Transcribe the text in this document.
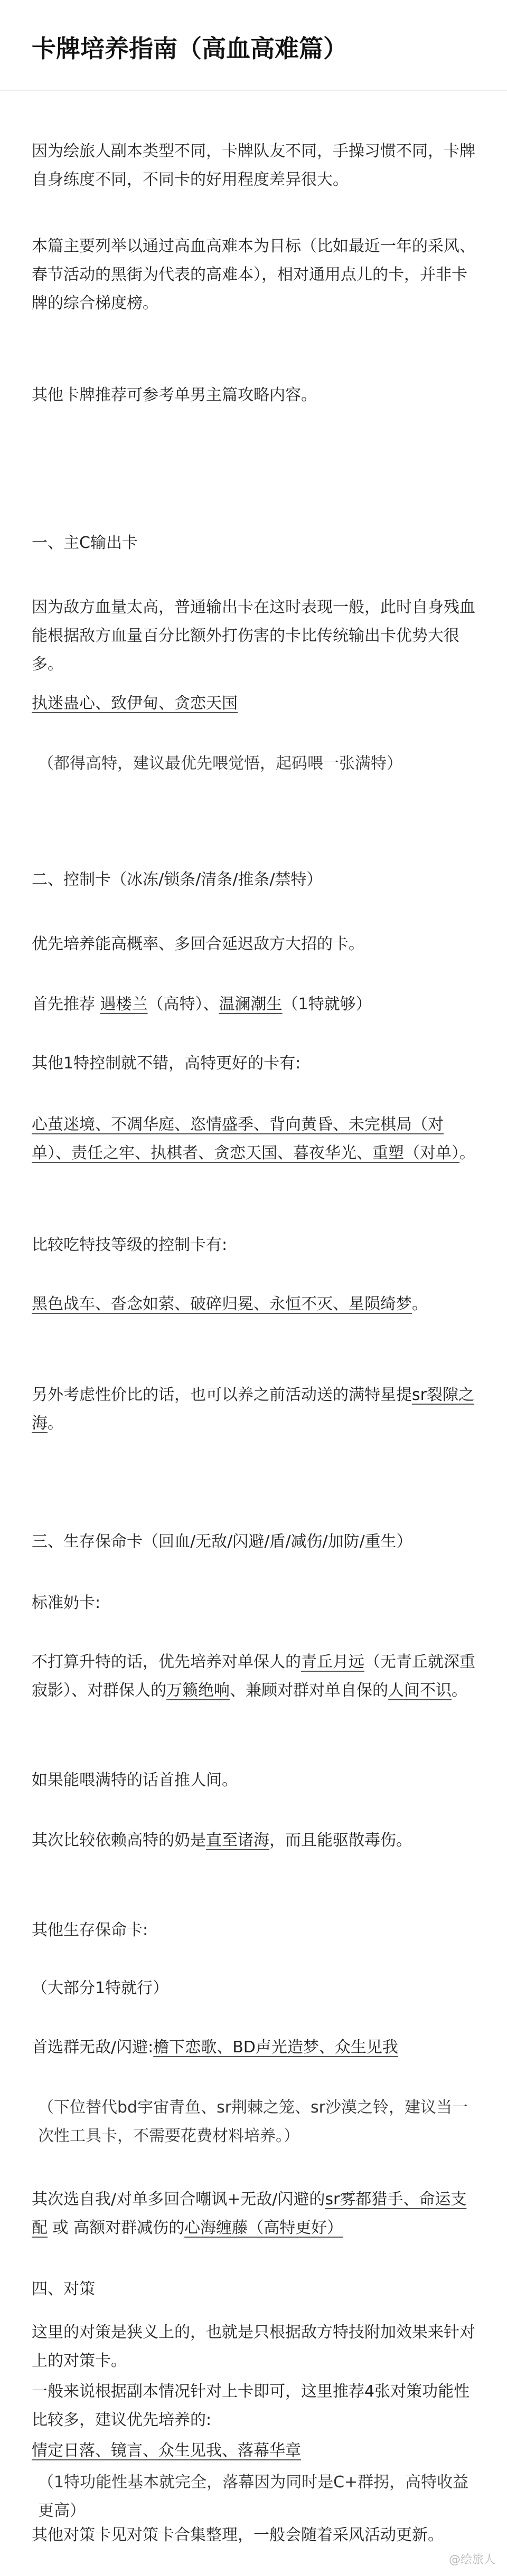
卡牌培养指南（高血高难篇）

因为绘旅人副本类型不同，卡牌队友不同，手操习惯不同，卡牌自身练度不同，不同卡的好用程度差异很大。

本篇主要列举以通过高血高难本为目标（比如最近一年的采风、春节活动的黑街为代表的高难本），相对通用点儿的卡，并非卡牌的综合梯度榜。

其他卡牌推荐可参考单男主篇攻略内容。

一、主C输出卡

因为敌方血量太高，普通输出卡在这时表现一般，此时自身残血能根据敌方血量百分比额外打伤害的卡比传统输出卡优势大很多。

执迷蛊心、致伊甸、贪恋天国

（都得高特，建议最优先喂觉悟，起码喂一张满特）

二、控制卡（冰冻/锁条/清条/推条/禁特）

优先培养能高概率、多回合延迟敌方大招的卡。

首先推荐 遇楼兰（高特）、温澜潮生（1特就够）

其他1特控制就不错，高特更好的卡有:

心茧迷境、不凋华庭、恣情盛季、背向黄昏、未完棋局（对单）、责任之牢、执棋者、贪恋天国、暮夜华光、重塑（对单）。

比较吃特技等级的控制卡有:

黑色战车、沓念如萦、破碎归冕、永恒不灭、星陨绮梦。

另外考虑性价比的话，也可以养之前活动送的满特星提sr裂隙之海。

三、生存保命卡（回血/无敌/闪避/盾/减伤/加防/重生）

标准奶卡:

不打算升特的话，优先培养对单保人的青丘月远（无青丘就深重寂影）、对群保人的万籁绝响、兼顾对群对单自保的人间不识。

如果能喂满特的话首推人间。

其次比较依赖高特的奶是直至诸海，而且能驱散毒伤。

其他生存保命卡:

（大部分1特就行）

首选群无敌/闪避:檐下恋歌、BD声光造梦、众生见我

（下位替代bd宇宙青鱼、sr荆棘之笼、sr沙漠之铃，建议当一次性工具卡，不需要花费材料培养。）

其次选自我/对单多回合嘲讽+无敌/闪避的sr雾都猎手、命运支配 或 高额对群减伤的心海缠藤（高特更好）

四、对策

这里的对策是狭义上的，也就是只根据敌方特技附加效果来针对上的对策卡。

一般来说根据副本情况针对上卡即可，这里推荐4张对策功能性比较多，建议优先培养的:

情定日落、镜言、众生见我、落幕华章

（1特功能性基本就完全，落幕因为同时是C+群拐，高特收益更高）

@绘旅人

其他对策卡见对策卡合集整理，一般会随着采风活动更新。
